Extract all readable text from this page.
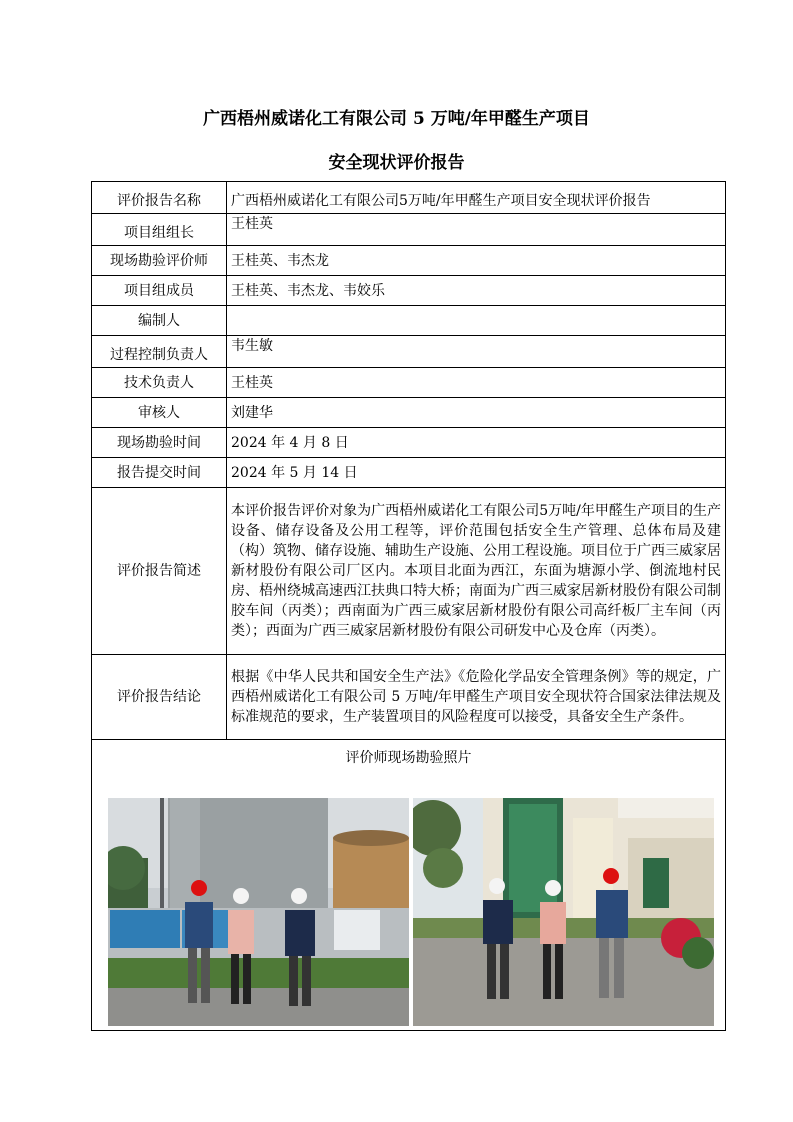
广西梧州威诺化工有限公司 5 万吨/年甲醛生产项目
安全现状评价报告
评价报告名称	广西梧州威诺化工有限公司5万吨/年甲醛生产项目安全现状评价报告
项目组组长	王桂英
现场勘验评价师	王桂英、韦杰龙
项目组成员	王桂英、韦杰龙、韦姣乐
编制人	
过程控制负责人	韦生敏
技术负责人	王桂英
审核人	刘建华
现场勘验时间	2024 年 4 月 8 日
报告提交时间	2024 年 5 月 14 日
评价报告简述	本评价报告评价对象为广西梧州威诺化工有限公司5万吨/年甲醛生产项目的生产设备、储存设备及公用工程等，评价范围包括安全生产管理、总体布局及建（构）筑物、储存设施、辅助生产设施、公用工程设施。项目位于广西三威家居新材股份有限公司厂区内。本项目北面为西江，东面为塘源小学、倒流地村民房、梧州绕城高速西江扶典口特大桥；南面为广西三威家居新材股份有限公司制胶车间（丙类）；西南面为广西三威家居新材股份有限公司高纤板厂主车间（丙类）；西面为广西三威家居新材股份有限公司研发中心及仓库（丙类）。
评价报告结论	根据《中华人民共和国安全生产法》《危险化学品安全管理条例》等的规定，广西梧州威诺化工有限公司 5 万吨/年甲醛生产项目安全现状符合国家法律法规及标准规范的要求，生产装置项目的风险程度可以接受，具备安全生产条件。

评价师现场勘验照片	
